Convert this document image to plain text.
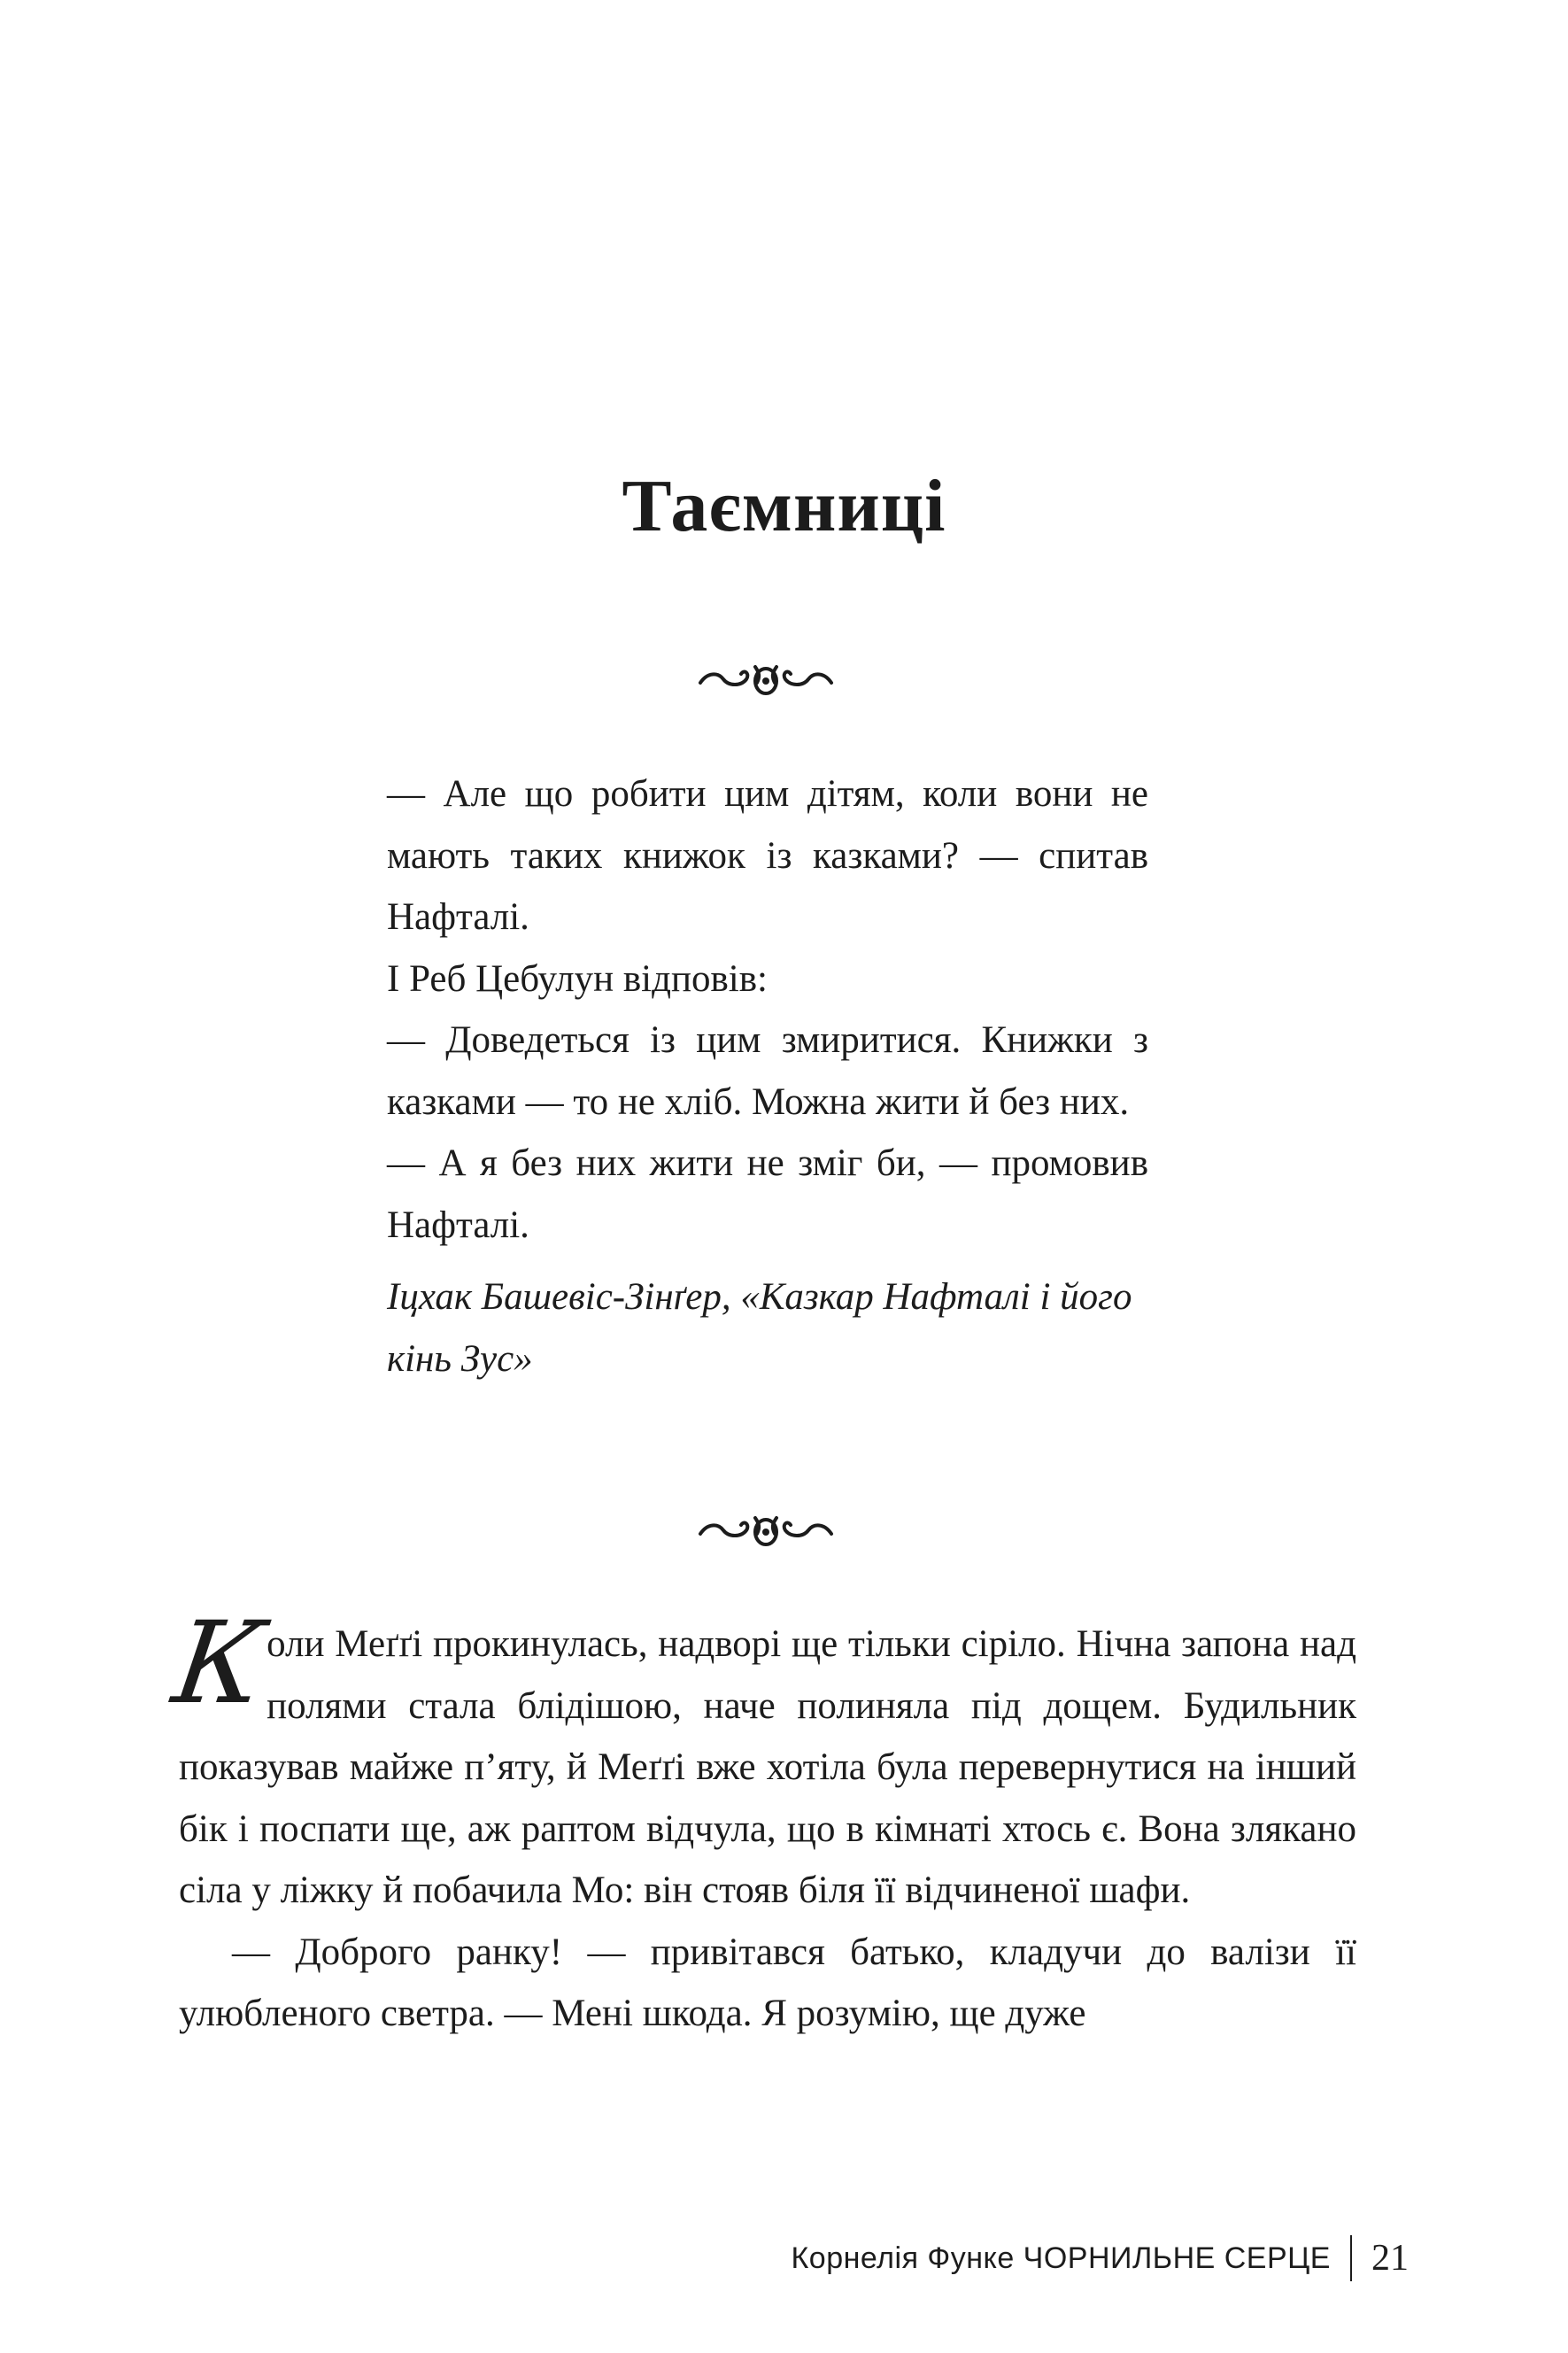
Таємниці

— Але що робити цим дітям, коли вони не мають таких книжок із казками? — спитав Нафталі.

І Реб Цебулун відповів:

— Доведеться із цим змиритися. Книжки з казками — то не хліб. Можна жити й без них.

— А я без них жити не зміг би, — промовив Нафталі.

Іцхак Башевіс-Зінґер, «Казкар Нафталі і його кінь Зус»

К
оли Меґґі прокинулась, надворі ще тільки сіріло. Нічна запона над полями стала блідішою, наче полиняла під дощем. Будильник показував майже п’яту, й Меґґі вже хотіла була перевернутися на інший бік і поспати ще, аж раптом відчула, що в кімнаті хтось є. Вона злякано сіла у ліжку й побачила Мо: він стояв біля її відчиненої шафи.

— Доброго ранку! — привітався батько, кладучи до валізи її улюбленого светра. — Мені шкода. Я розумію, ще дуже

Корнелія Функе ЧОРНИЛЬНЕ СЕРЦЕ 21
